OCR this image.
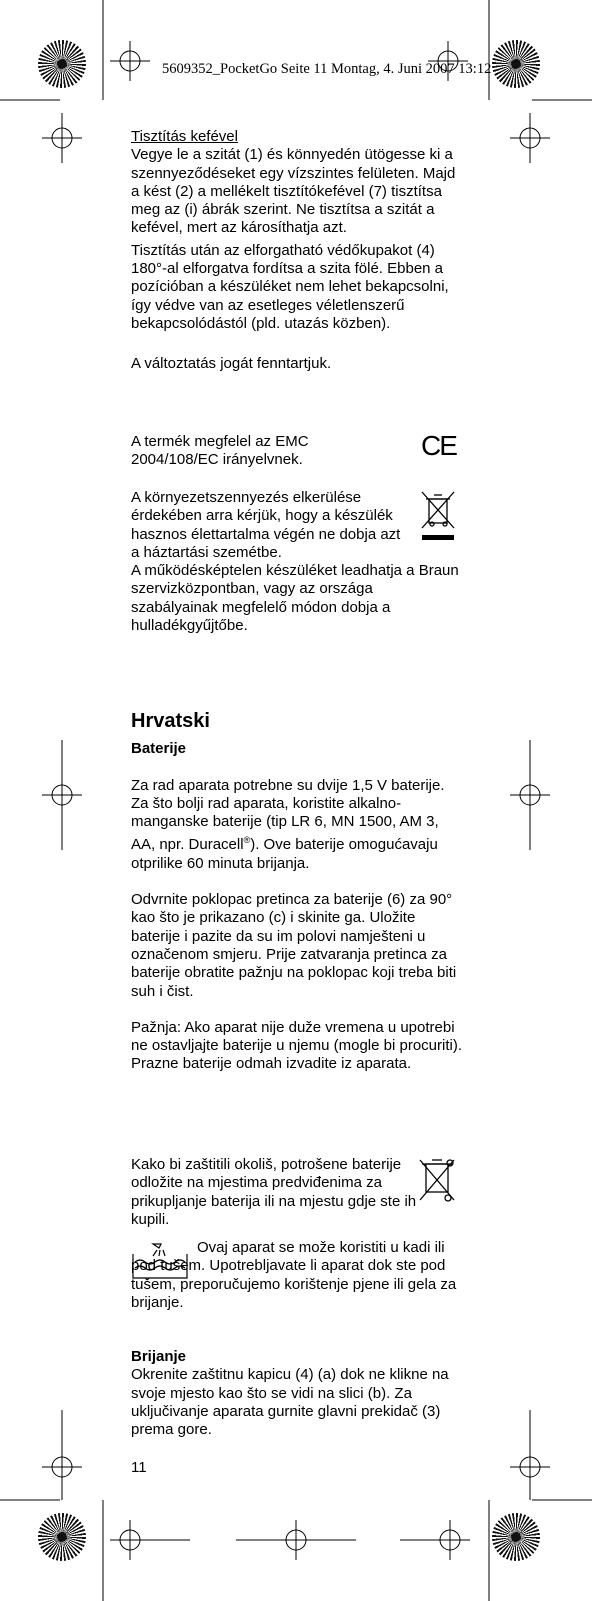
5609352_PocketGo Seite 11 Montag, 4. Juni 2007 13:12

Tisztítás kefével

Vegye le a szitát (1) és könnyedén ütögesse ki a szennyeződéseket egy vízszintes felületen. Majd a kést (2) a mellékelt tisztítókefével (7) tisztítsa meg az (i) ábrák szerint. Ne tisztítsa a szitát a kefével, mert az károsíthatja azt.

Tisztítás után az elforgatható védőkupakot (4) 180°-al elforgatva fordítsa a szita fölé. Ebben a pozícióban a készüléket nem lehet bekapcsolni, így védve van az esetleges véletlenszerű bekapcsolódástól (pld. utazás közben).

A változtatás jogát fenntartjuk.

A termék megfelel az EMC 2004/108/EC irányelvnek.	CE

A környezetszennyezés elkerülése érdekében arra kérjük, hogy a készülék hasznos élettartalma végén ne dobja azt a háztartási szemétbe.

A működésképtelen készüléket leadhatja a Braun szervizközpontban, vagy az országa szabályainak megfelelő módon dobja a hulladékgyűjtőbe.

Hrvatski

Baterije

Za rad aparata potrebne su dvije 1,5 V baterije.

Za što bolji rad aparata, koristite alkalno-manganske baterije (tip LR 6, MN 1500, AM 3, AA, npr. Duracell®). Ove baterije omogućavaju otprilike 60 minuta brijanja.

Odvrnite poklopac pretinca za baterije (6) za 90° kao što je prikazano (c) i skinite ga. Uložite baterije i pazite da su im polovi namješteni u označenom smjeru. Prije zatvaranja pretinca za baterije obratite pažnju na poklopac koji treba biti suh i čist.

Pažnja: Ako aparat nije duže vremena u upotrebi ne ostavljajte baterije u njemu (mogle bi procuriti). Prazne baterije odmah izvadite iz aparata.

Kako bi zaštitili okoliš, potrošene baterije odložite na mjestima predviđenima za prikupljanje baterija ili na mjestu gdje ste ih kupili.

Ovaj aparat se može koristiti u kadi ili pod tušem. Upotrebljavate li aparat dok ste pod tušem, preporučujemo korištenje pjene ili gela za brijanje.

Brijanje

Okrenite zaštitnu kapicu (4) (a) dok ne klikne na svoje mjesto kao što se vidi na slici (b). Za uključivanje aparata gurnite glavni prekidač (3) prema gore.

11
